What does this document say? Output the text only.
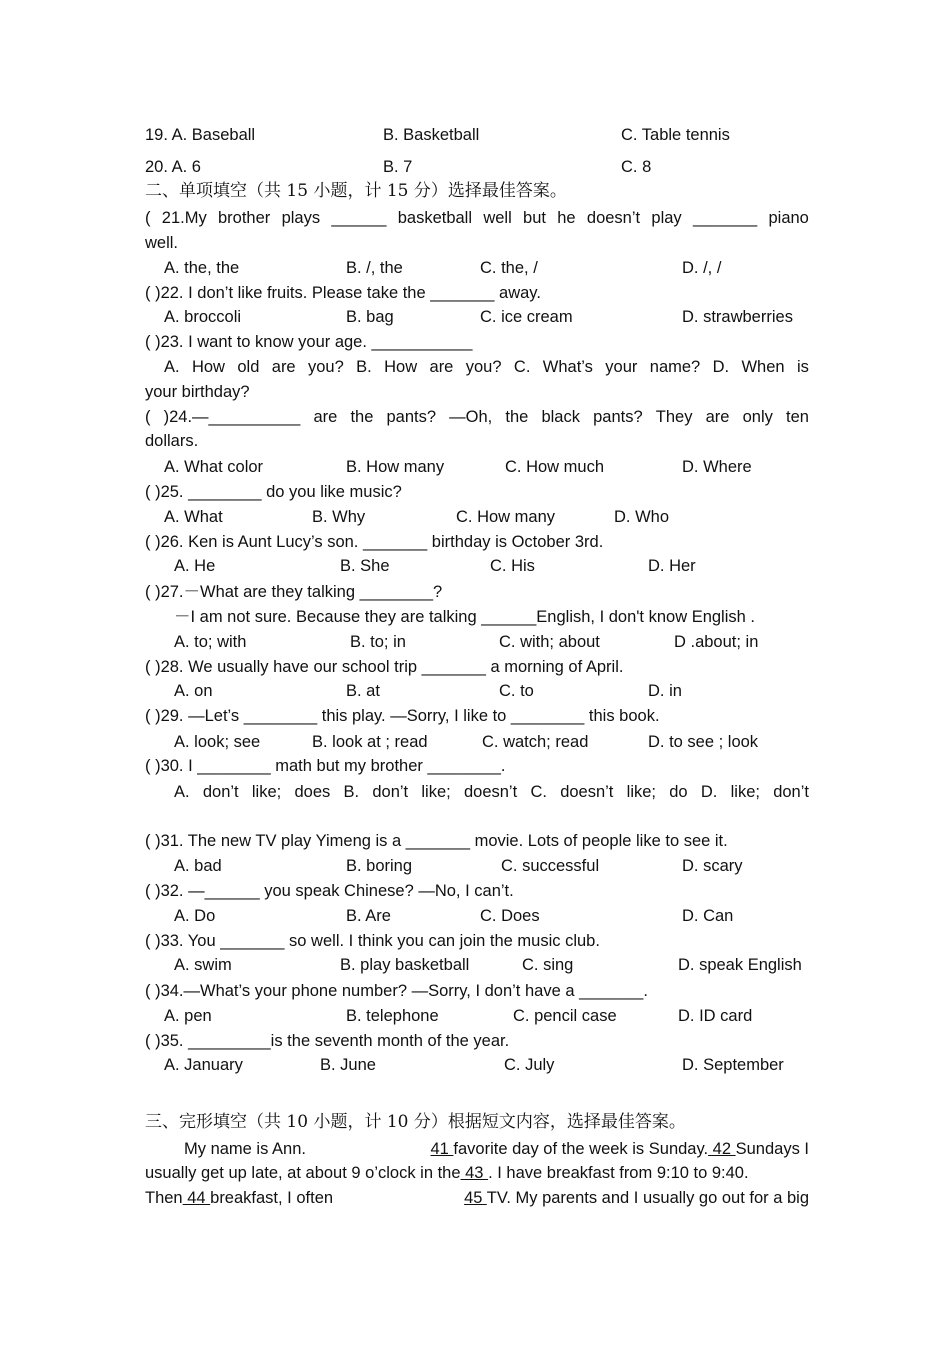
19. A. Baseball	B. Basketball	C. Table tennis
20. A. 6	B. 7	C. 8
二、单项填空（共 15 小题，计 15 分）选择最佳答案。
( 21.My brother plays ______ basketball well but he doesn’t play _______ piano
well.
A. the, the	B. /, the	C. the, /	D. /, /
( )22. I don’t like fruits. Please take the _______ away.
A. broccoli	B. bag	C. ice cream	D. strawberries
( )23. I want to know your age. ___________
A. How old are you? B. How are you? C. What’s your name? D. When is
your birthday?
( )24.—__________ are the pants? —Oh, the black pants? They are only ten
dollars.
A. What color	B. How many	C. How much	D. Where
( )25. ________ do you like music?
A. What	B. Why	C. How many	D. Who
( )26. Ken is Aunt Lucy’s son. _______ birthday is October 3rd.
A. He	B. She	C. His	D. Her
( )27.－What are they talking ________?
－I am not sure. Because they are talking ______English, I don't know English .
A. to; with	B. to; in	C. with; about	D .about; in
( )28. We usually have our school trip _______ a morning of April.
A. on	B. at	C. to	D. in
( )29. —Let’s ________ this play. —Sorry, I like to ________ this book.
A. look; see	B. look at ; read	C. watch; read	D. to see ; look
( )30. I ________ math but my brother ________.
A. don’t like; does B. don’t like; doesn’t C. doesn’t like; do D. like; don’t
( )31. The new TV play Yimeng is a _______ movie. Lots of people like to see it.
A. bad	B. boring	C. successful	D. scary
( )32. —______ you speak Chinese? —No, I can’t.
A. Do	B. Are	C. Does	D. Can
( )33. You _______ so well. I think you can join the music club.
A. swim	B. play basketball	C. sing	D. speak English
( )34.—What’s your phone number? —Sorry, I don’t have a _______.
A. pen	B. telephone	C. pencil case	D. ID card
( )35. _________is the seventh month of the year.
A. January	B. June	C. July	D. September
三、完形填空（共 10 小题，计 10 分）根据短文内容，选择最佳答案。
My name is Ann.	41 favorite day of the week is Sunday. 42 Sundays I
usually get up late, at about 9 o’clock in the 43 . I have breakfast from 9:10 to 9:40.
Then 44 breakfast, I often	45 TV. My parents and I usually go out for a big
